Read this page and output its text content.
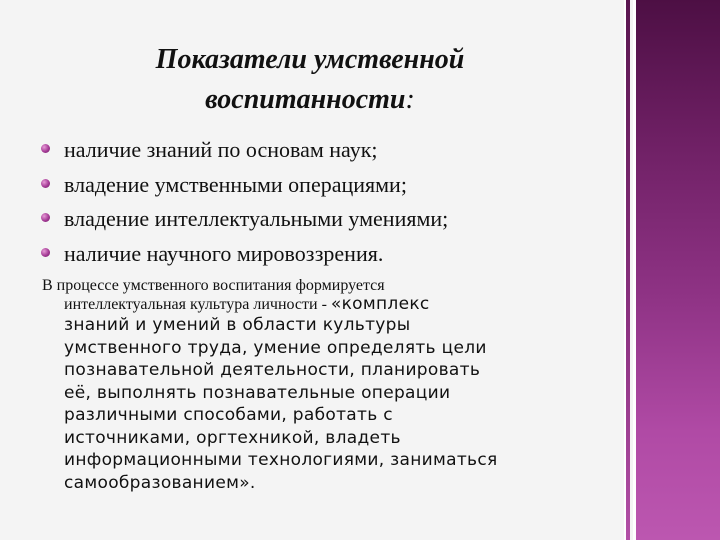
Показатели умственной
воспитанности:
наличие знаний по основам наук;
владение умственными операциями;
владение интеллектуальными умениями;
наличие научного мировоззрения.
В процессе умственного воспитания формируется
интеллектуальная культура личности - «комплекс
знаний и умений в области культуры
умственного труда, умение определять цели
познавательной деятельности, планировать
её, выполнять познавательные операции
различными способами, работать с
источниками, оргтехникой, владеть
информационными технологиями, заниматься
самообразованием».
